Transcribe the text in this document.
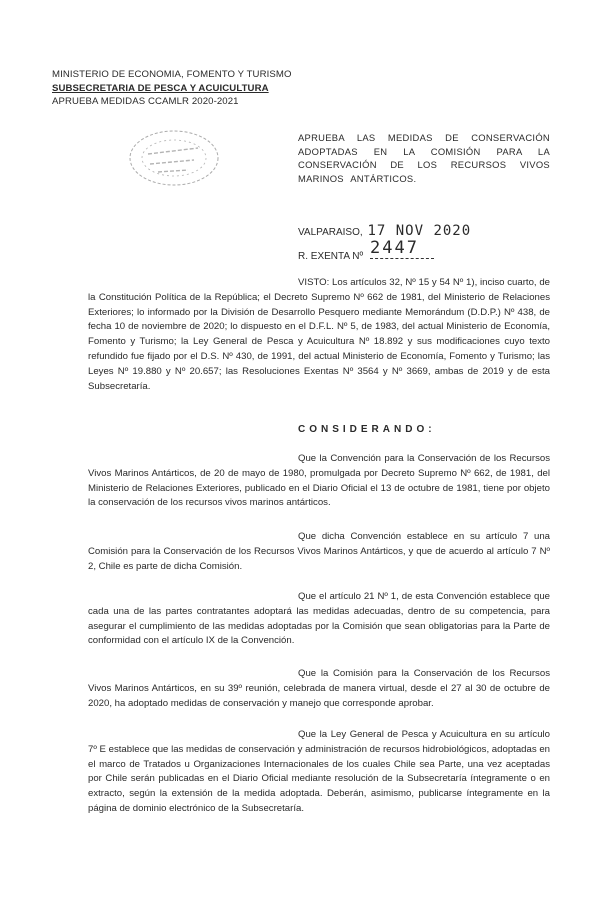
MINISTERIO DE ECONOMIA, FOMENTO Y TURISMO
SUBSECRETARIA DE PESCA Y ACUICULTURA
APRUEBA MEDIDAS CCAMLR 2020-2021
APRUEBA LAS MEDIDAS DE CONSERVACIÓN ADOPTADAS EN LA COMISIÓN PARA LA CONSERVACIÓN DE LOS RECURSOS VIVOS MARINOS ANTÁRTICOS.
VALPARAISO, 17 NOV 2020
R. EXENTA Nº 2447
VISTO: Los artículos 32, Nº 15 y 54 Nº 1), inciso cuarto, de la Constitución Política de la República; el Decreto Supremo Nº 662 de 1981, del Ministerio de Relaciones Exteriores; lo informado por la División de Desarrollo Pesquero mediante Memorándum (D.D.P.) Nº 438, de fecha 10 de noviembre de 2020; lo dispuesto en el D.F.L. Nº 5, de 1983, del actual Ministerio de Economía, Fomento y Turismo; la Ley General de Pesca y Acuicultura Nº 18.892 y sus modificaciones cuyo texto refundido fue fijado por el D.S. Nº 430, de 1991, del actual Ministerio de Economía, Fomento y Turismo; las Leyes Nº 19.880 y Nº 20.657; las Resoluciones Exentas Nº 3564 y Nº 3669, ambas de 2019 y de esta Subsecretaría.
CONSIDERANDO:
Que la Convención para la Conservación de los Recursos Vivos Marinos Antárticos, de 20 de mayo de 1980, promulgada por Decreto Supremo Nº 662, de 1981, del Ministerio de Relaciones Exteriores, publicado en el Diario Oficial el 13 de octubre de 1981, tiene por objeto la conservación de los recursos vivos marinos antárticos.
Que dicha Convención establece en su artículo 7 una Comisión para la Conservación de los Recursos Vivos Marinos Antárticos, y que de acuerdo al artículo 7 Nº 2, Chile es parte de dicha Comisión.
Que el artículo 21 Nº 1, de esta Convención establece que cada una de las partes contratantes adoptará las medidas adecuadas, dentro de su competencia, para asegurar el cumplimiento de las medidas adoptadas por la Comisión que sean obligatorias para la Parte de conformidad con el artículo IX de la Convención.
Que la Comisión para la Conservación de los Recursos Vivos Marinos Antárticos, en su 39º reunión, celebrada de manera virtual, desde el 27 al 30 de octubre de 2020, ha adoptado medidas de conservación y manejo que corresponde aprobar.
Que la Ley General de Pesca y Acuicultura en su artículo 7º E establece que las medidas de conservación y administración de recursos hidrobiológicos, adoptadas en el marco de Tratados u Organizaciones Internacionales de los cuales Chile sea Parte, una vez aceptadas por Chile serán publicadas en el Diario Oficial mediante resolución de la Subsecretaría íntegramente o en extracto, según la extensión de la medida adoptada. Deberán, asimismo, publicarse íntegramente en la página de dominio electrónico de la Subsecretaría.
